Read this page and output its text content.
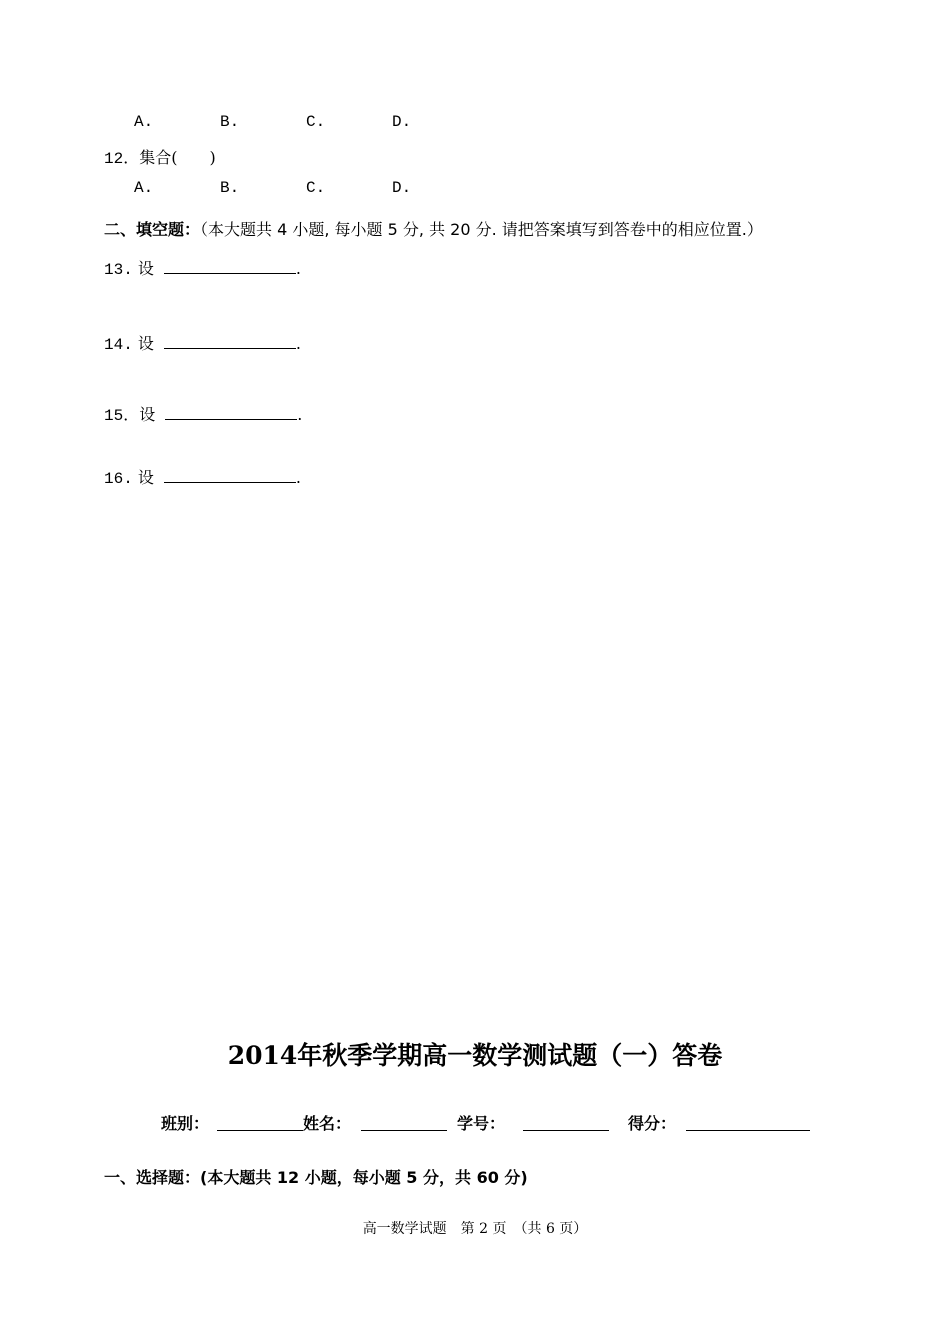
A.	B.	C.	D.
12．集合(　　)
A.	B.	C.	D.
二、填空题：（本大题共 4 小题, 每小题 5 分, 共 20 分. 请把答案填写到答卷中的相应位置.）
13. 设	.
14. 设	.
15．设	.
16. 设	.
2014年秋季学期高一数学测试题（一）答卷
班别：	姓名：	学号：	得分：
一、选择题：(本大题共 12 小题，每小题 5 分，共 60 分)
高一数学试题　第 2 页　（共 6 页）
